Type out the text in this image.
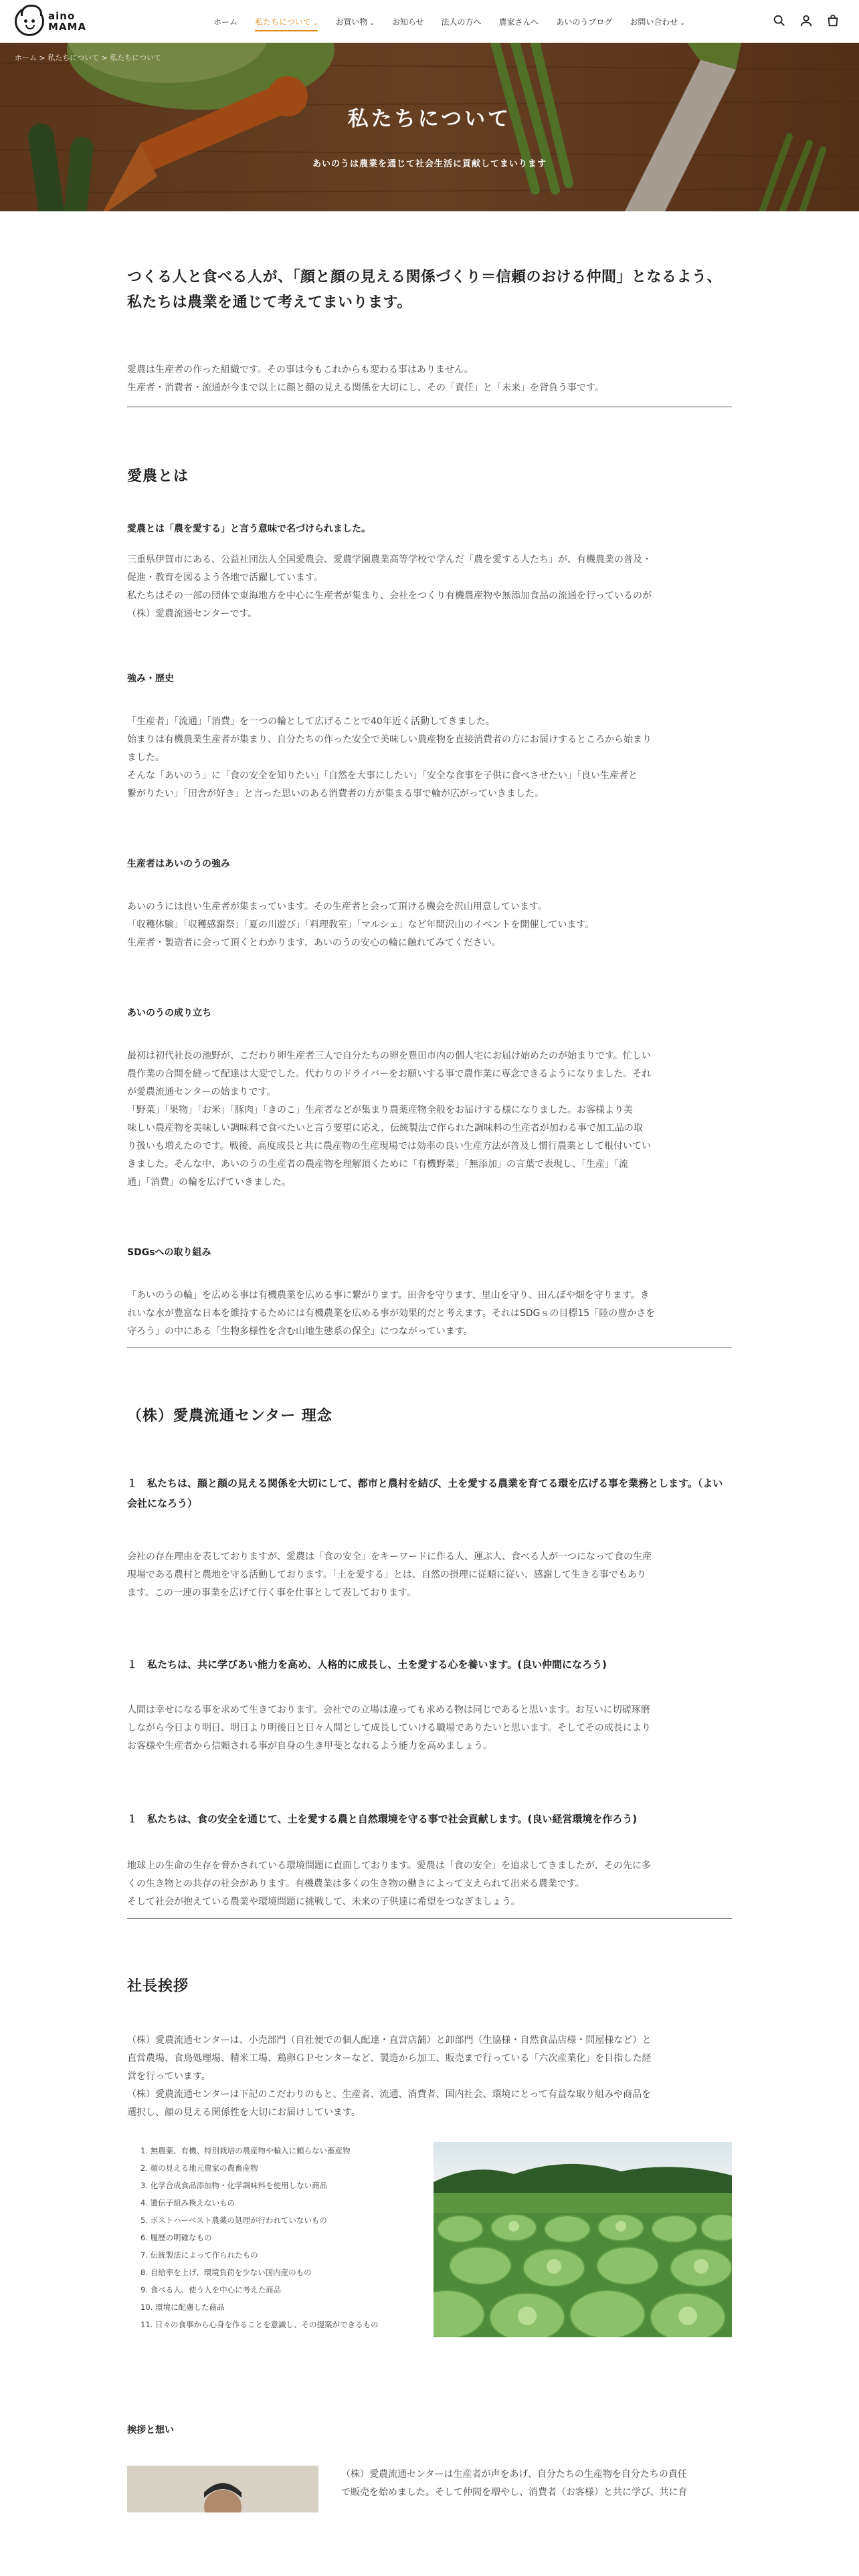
aino
MAMA	ホーム	私たちについて ⌄	お買い物 ⌄	お知らせ	法人の方へ	農家さんへ	あいのうブログ	お問い合わせ ⌄
ホーム > 私たちについて > 私たちについて
私たちについて

あいのうは農業を通じて社会生活に貢献してまいります

つくる人と食べる人が、「顔と顔の見える関係づくり＝信頼のおける仲間」となるよう、私たちは農業を通じて考えてまいります。

愛農は生産者の作った組織です。その事は今もこれからも変わる事はありません。

生産者・消費者・流通が今まで以上に顔と顔の見える関係を大切にし、その「責任」と「未来」を背負う事です。

愛農とは
愛農とは「農を愛する」と言う意味で名づけられました。

三重県伊賀市にある、公益社団法人全国愛農会、愛農学園農業高等学校で学んだ「農を愛する人たち」が、有機農業の普及・

促進・教育を図るよう各地で活躍しています。

私たちはその一部の団体で東海地方を中心に生産者が集まり、会社をつくり有機農産物や無添加食品の流通を行っているのが

（株）愛農流通センターです。

強み・歴史

「生産者」「流通」「消費」を一つの輪として広げることで40年近く活動してきました。

始まりは有機農業生産者が集まり、自分たちの作った安全で美味しい農産物を直接消費者の方にお届けするところから始まり

ました。

そんな「あいのう」に「食の安全を知りたい」「自然を大事にしたい」「安全な食事を子供に食べさせたい」「良い生産者と

繋がりたい」「田舎が好き」と言った思いのある消費者の方が集まる事で輪が広がっていきました。

生産者はあいのうの強み

あいのうには良い生産者が集まっています。その生産者と会って頂ける機会を沢山用意しています。

「収穫体験」「収穫感謝祭」「夏の川遊び」「料理教室」「マルシェ」など年間沢山のイベントを開催しています。

生産者・製造者に会って頂くとわかります、あいのうの安心の輪に触れてみてください。

あいのうの成り立ち

最初は初代社長の池野が、こだわり卵生産者三人で自分たちの卵を豊田市内の個人宅にお届け始めたのが始まりです。忙しい

農作業の合間を縫って配達は大変でした。代わりのドライバーをお願いする事で農作業に専念できるようになりました。それ

が愛農流通センターの始まりです。

「野菜」「果物」「お米」「豚肉」「きのこ」生産者などが集まり農薬産物全般をお届けする様になりました。お客様より美

味しい農産物を美味しい調味料で食べたいと言う要望に応え、伝統製法で作られた調味料の生産者が加わる事で加工品の取

り扱いも増えたのです。戦後、高度成長と共に農産物の生産現場では効率の良い生産方法が普及し慣行農業として根付いてい

きました。そんな中、あいのうの生産者の農産物を理解頂くために「有機野菜」「無添加」の言葉で表現し、「生産」「流

通」「消費」の輪を広げていきました。

SDGsへの取り組み

「あいのうの輪」を広める事は有機農業を広める事に繋がります。田舎を守ります、里山を守り、田んぼや畑を守ります。き

れいな水が豊富な日本を維持するためには有機農業を広める事が効果的だと考えます。それはSDGｓの目標15「陸の豊かさを

守ろう」の中にある「生物多様性を含む山地生態系の保全」につながっています。

（株）愛農流通センター 理念
１　私たちは、顔と顔の見える関係を大切にして、都市と農村を結び、土を愛する農業を育てる環を広げる事を業務とします。（よい会社になろう）

会社の存在理由を表しておりますが、愛農は「食の安全」をキーワードに作る人、運ぶ人、食べる人が一つになって食の生産

現場である農村と農地を守る活動しております。「土を愛する」とは、自然の摂理に従順に従い、感謝して生きる事でもあり

ます。この一連の事業を広げて行く事を仕事として表しております。

１　私たちは、共に学びあい能力を高め、人格的に成長し、土を愛する心を養います。(良い仲間になろう)

人間は幸せになる事を求めて生きております。会社での立場は違っても求める物は同じであると思います。お互いに切磋琢磨

しながら今日より明日、明日より明後日と日々人間として成長していける職場でありたいと思います。そしてその成長により

お客様や生産者から信頼される事が自身の生き甲斐となれるよう能力を高めましょう。

１　私たちは、食の安全を通じて、土を愛する農と自然環境を守る事で社会貢献します。(良い経営環境を作ろう)

地球上の生命の生存を脅かされている環境問題に直面しております。愛農は「食の安全」を追求してきましたが、その先に多

くの生き物との共存の社会があります。有機農業は多くの生き物の働きによって支えられて出来る農業です。

そして社会が抱えている農業や環境問題に挑戦して、未来の子供達に希望をつなぎましょう。

社長挨拶

（株）愛農流通センターは、小売部門（自社便での個人配達・直営店舗）と卸部門（生協様・自然食品店様・問屋様など）と

直営農場、食鳥処理場、精米工場、鶏卵ＧＰセンターなど、製造から加工、販売まで行っている「六次産業化」を目指した経

営を行っています。

（株）愛農流通センターは下記のこだわりのもと、生産者、流通、消費者、国内社会、環境にとって有益な取り組みや商品を

選択し、顔の見える関係性を大切にお届けしています。

1. 無農薬、有機、特別栽培の農産物や輸入に頼らない畜産物
2. 顔の見える地元農家の農畜産物
3. 化学合成食品添加物・化学調味料を使用しない商品
4. 遺伝子組み換えないもの
5. ポストハーベスト農薬の処理が行われていないもの
6. 履歴の明確なもの
7. 伝統製法によって作られたもの
8. 自給率を上げ、環境負荷を少ない国内産のもの
9. 食べる人、使う人を中心に考えた商品
10. 環境に配慮した商品
11. 日々の食事から心身を作ることを意識し、その提案ができるもの
挨拶と想い

（株）愛農流通センターは生産者が声をあげ、自分たちの生産物を自分たちの責任

で販売を始めました。そして仲間を増やし、消費者（お客様）と共に学び、共に育
